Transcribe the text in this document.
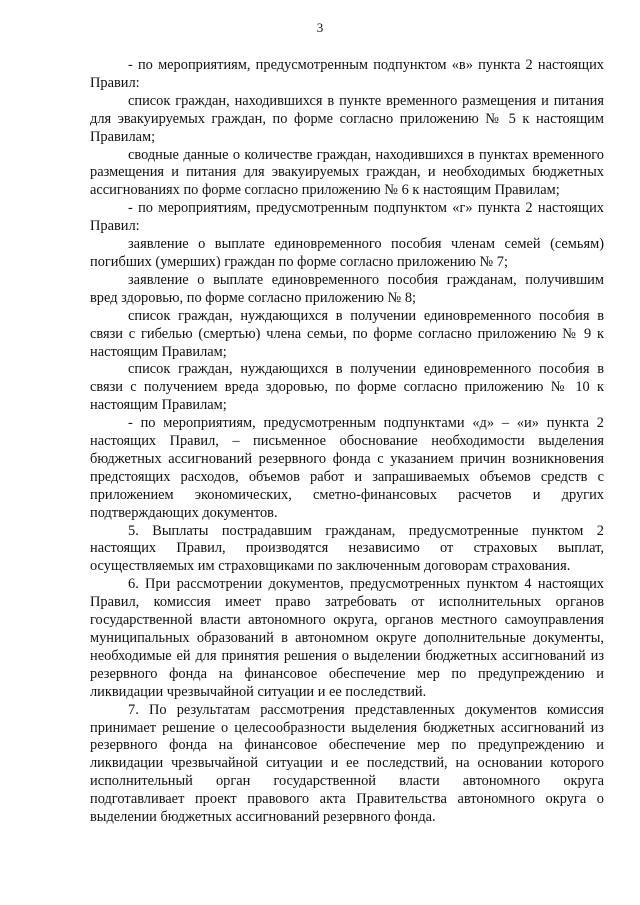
3

- по мероприятиям, предусмотренным подпунктом «в» пункта 2 настоящих Правил:

список граждан, находившихся в пункте временного размещения и питания для эвакуируемых граждан, по форме согласно приложению № 5 к настоящим Правилам;

сводные данные о количестве граждан, находившихся в пунктах временного размещения и питания для эвакуируемых граждан, и необходимых бюджетных ассигнованиях по форме согласно приложению № 6 к настоящим Правилам;

- по мероприятиям, предусмотренным подпунктом «г» пункта 2 настоящих Правил:

заявление о выплате единовременного пособия членам семей (семьям) погибших (умерших) граждан по форме согласно приложению № 7;

заявление о выплате единовременного пособия гражданам, получившим вред здоровью, по форме согласно приложению № 8;

список граждан, нуждающихся в получении единовременного пособия в связи с гибелью (смертью) члена семьи, по форме согласно приложению № 9 к настоящим Правилам;

список граждан, нуждающихся в получении единовременного пособия в связи с получением вреда здоровью, по форме согласно приложению № 10 к настоящим Правилам;

- по мероприятиям, предусмотренным подпунктами «д» – «и» пункта 2 настоящих Правил, – письменное обоснование необходимости выделения бюджетных ассигнований резервного фонда с указанием причин возникновения предстоящих расходов, объемов работ и запрашиваемых объемов средств с приложением экономических, сметно-финансовых расчетов и других подтверждающих документов.

5. Выплаты пострадавшим гражданам, предусмотренные пунктом 2 настоящих Правил, производятся независимо от страховых выплат, осуществляемых им страховщиками по заключенным договорам страхования.

6. При рассмотрении документов, предусмотренных пунктом 4 настоящих Правил, комиссия имеет право затребовать от исполнительных органов государственной власти автономного округа, органов местного самоуправления муниципальных образований в автономном округе дополнительные документы, необходимые ей для принятия решения о выделении бюджетных ассигнований из резервного фонда на финансовое обеспечение мер по предупреждению и ликвидации чрезвычайной ситуации и ее последствий.

7. По результатам рассмотрения представленных документов комиссия принимает решение о целесообразности выделения бюджетных ассигнований из резервного фонда на финансовое обеспечение мер по предупреждению и ликвидации чрезвычайной ситуации и ее последствий, на основании которого исполнительный орган государственной власти автономного округа подготавливает проект правового акта Правительства автономного округа о выделении бюджетных ассигнований резервного фонда.
